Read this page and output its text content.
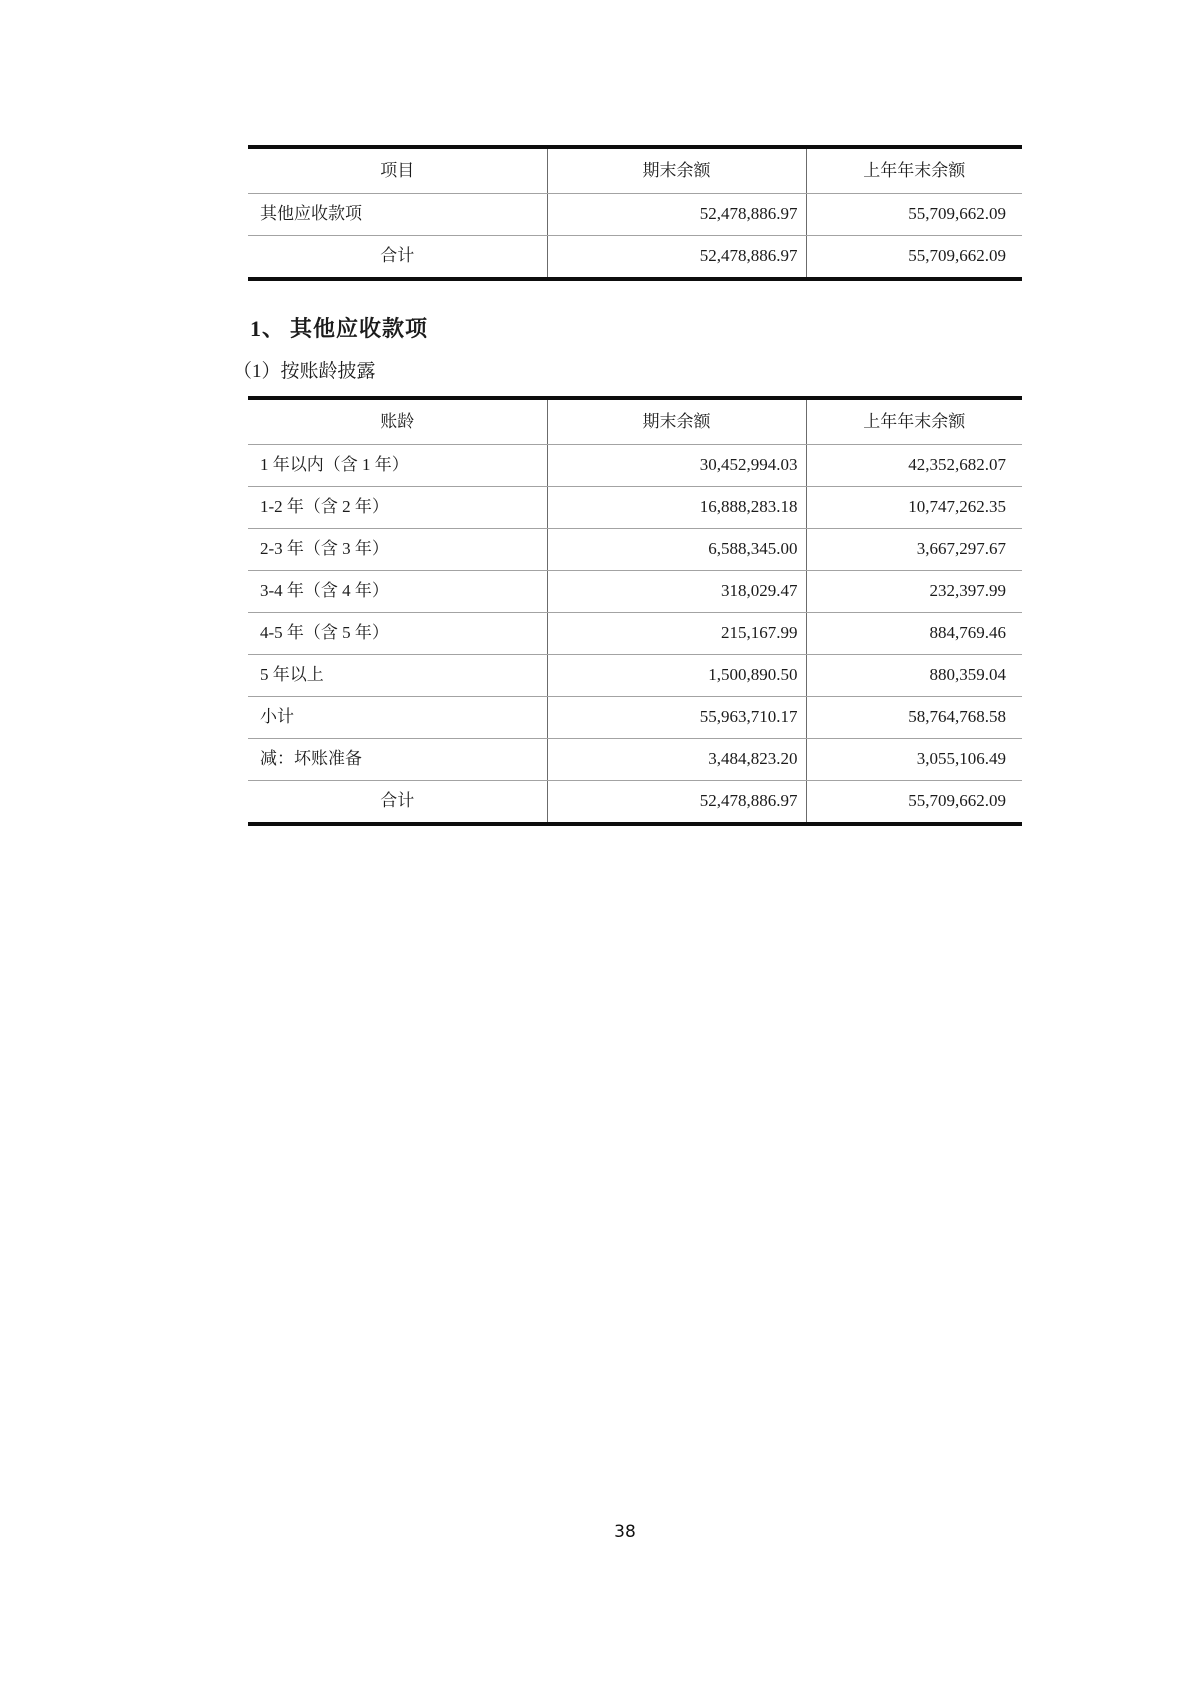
项目	期末余额	上年年末余额
其他应收款项	52,478,886.97	55,709,662.09
合计	52,478,886.97	55,709,662.09
1、 其他应收款项
（1）按账龄披露
账龄	期末余额	上年年末余额
1 年以内（含 1 年）	30,452,994.03	42,352,682.07
1-2 年（含 2 年）	16,888,283.18	10,747,262.35
2-3 年（含 3 年）	6,588,345.00	3,667,297.67
3-4 年（含 4 年）	318,029.47	232,397.99
4-5 年（含 5 年）	215,167.99	884,769.46
5 年以上	1,500,890.50	880,359.04
小计	55,963,710.17	58,764,768.58
减：坏账准备	3,484,823.20	3,055,106.49
合计	52,478,886.97	55,709,662.09
38
